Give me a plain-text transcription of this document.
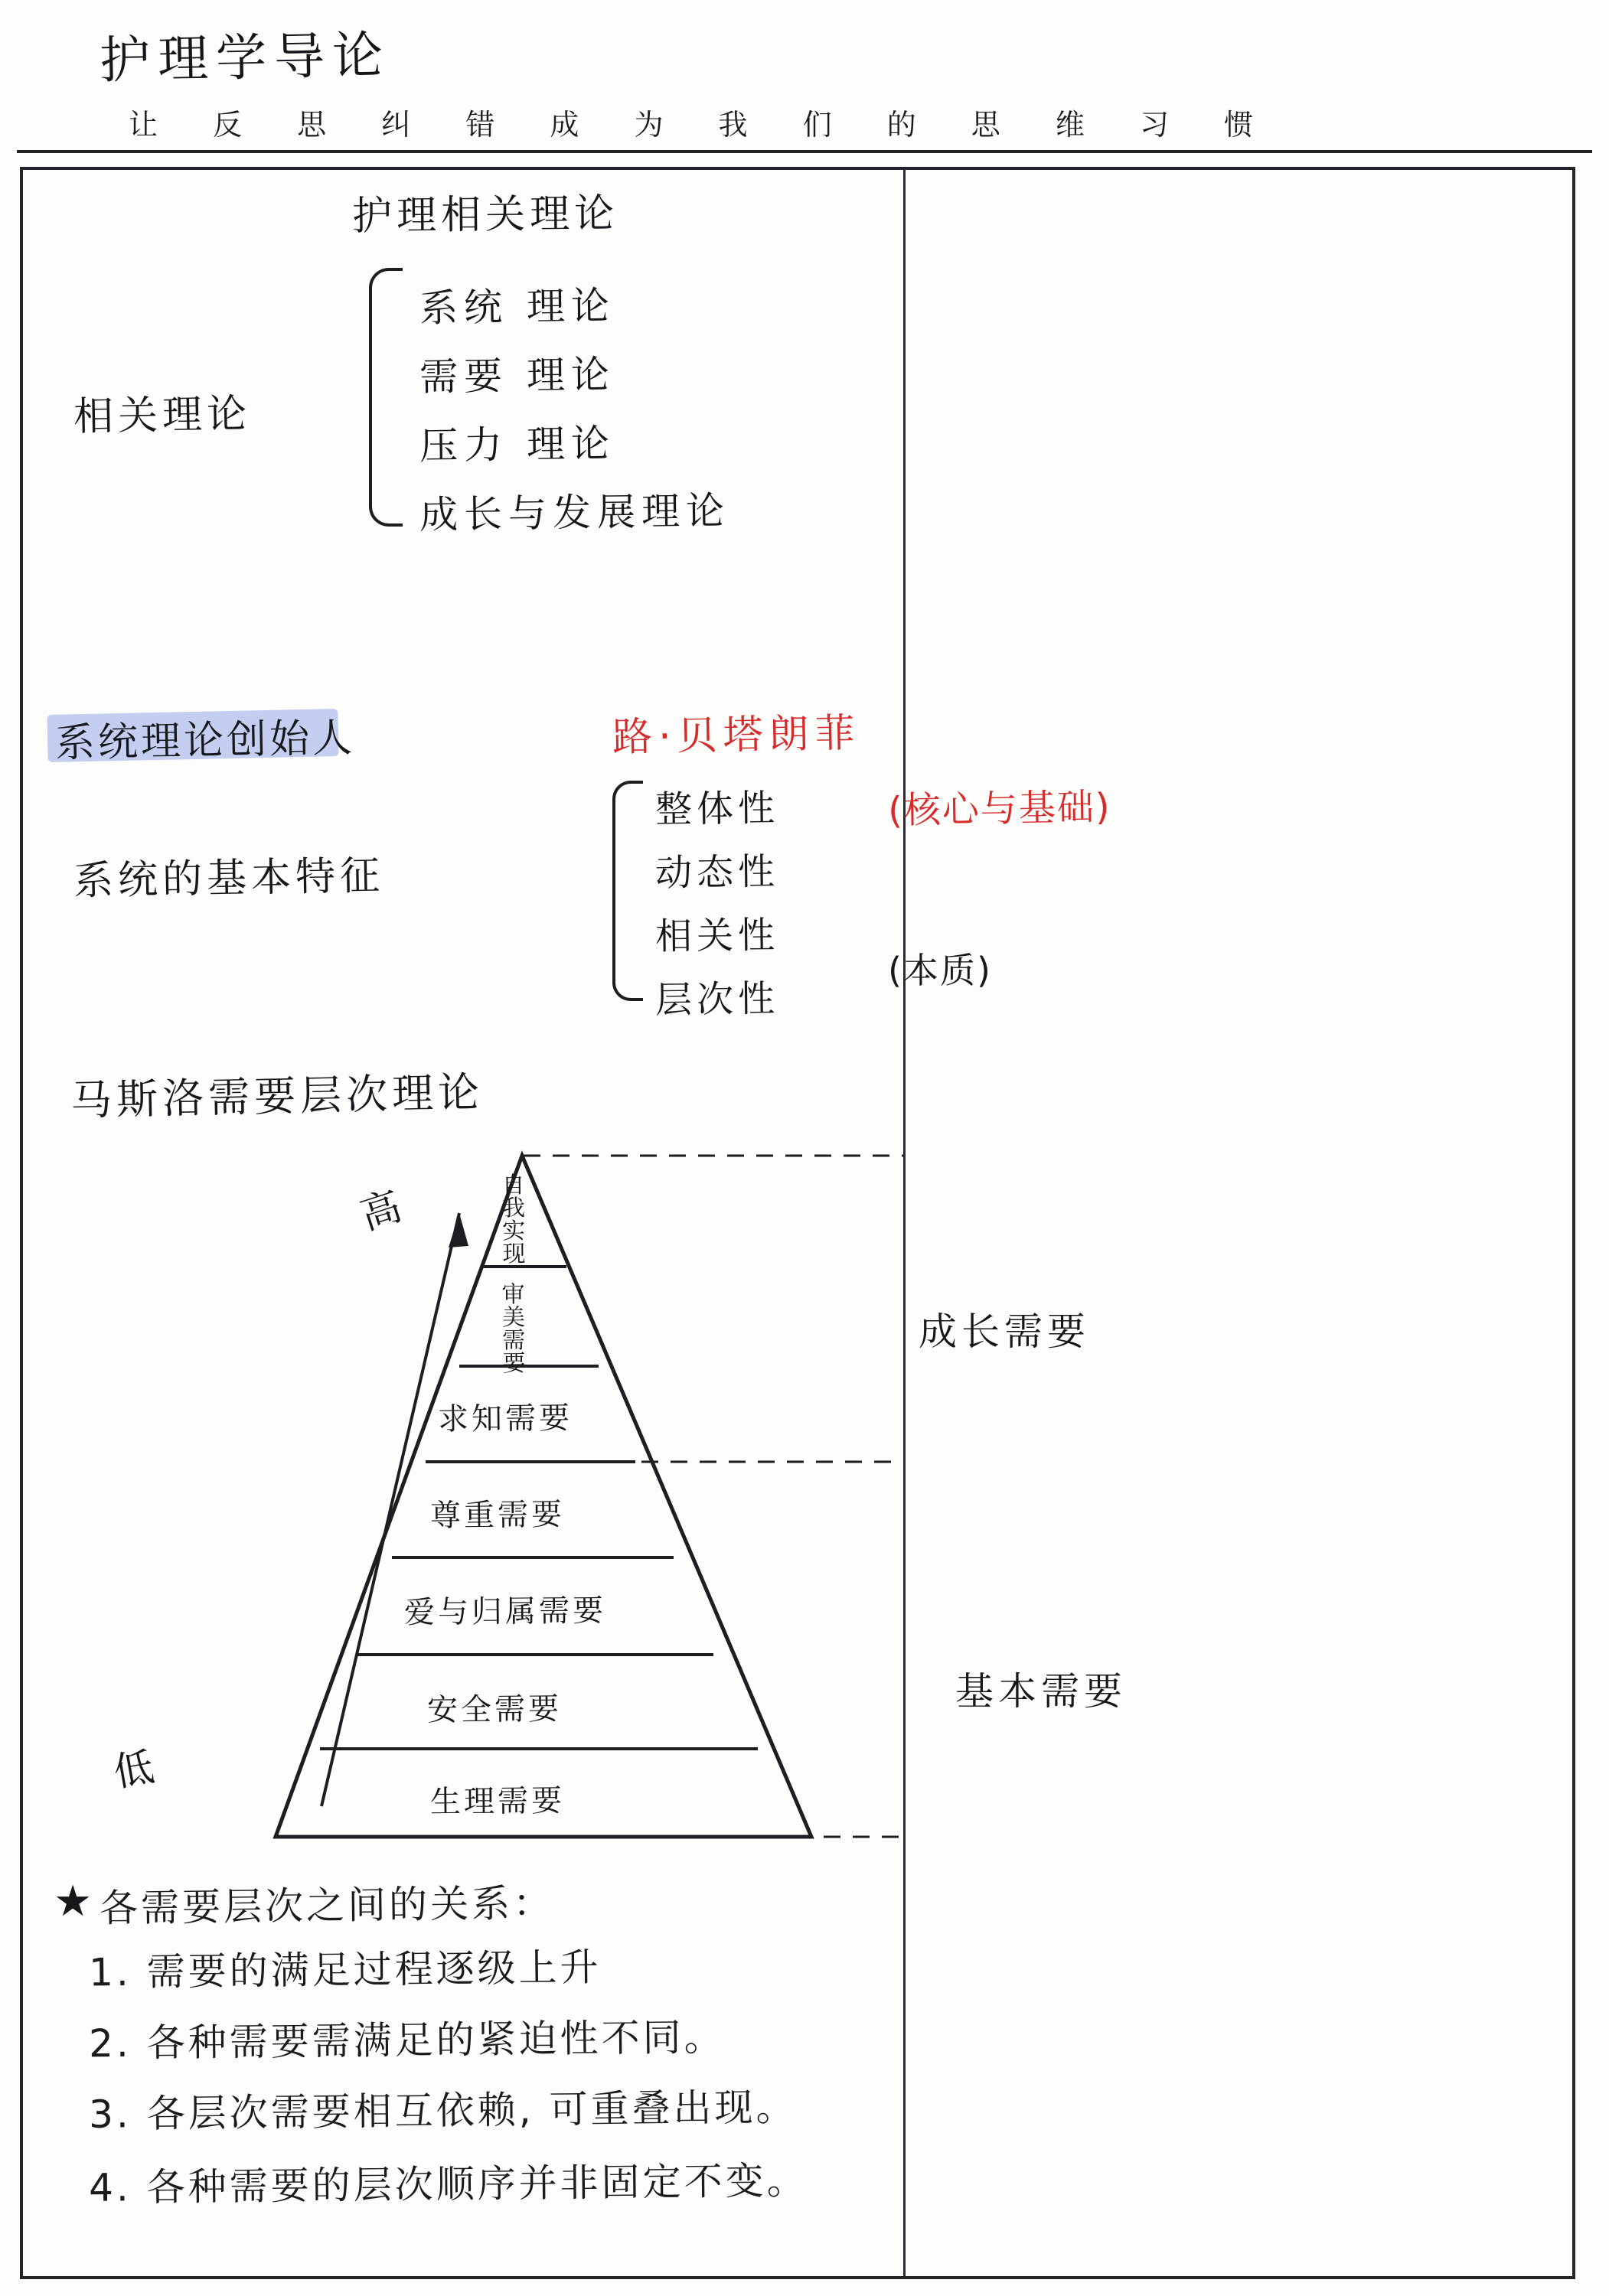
护理学导论
让 反 思 纠 错 成 为 我 们 的 思 维 习 惯
护理相关理论
相关理论
系统 理论
需要 理论
压力 理论
成长与发展理论
系统理论创始人	路·贝塔朗菲
系统的基本特征
整体性
动态性
相关性
层次性
(核心与基础)
(本质)
马斯洛需要层次理论
高
低
自我实现
审美需要
求知需要
尊重需要
爱与归属需要
安全需要
生理需要
成长需要
基本需要
★ 各需要层次之间的关系：
1. 需要的满足过程逐级上升
2. 各种需要需满足的紧迫性不同。
3. 各层次需要相互依赖, 可重叠出现。
4. 各种需要的层次顺序并非固定不变。
